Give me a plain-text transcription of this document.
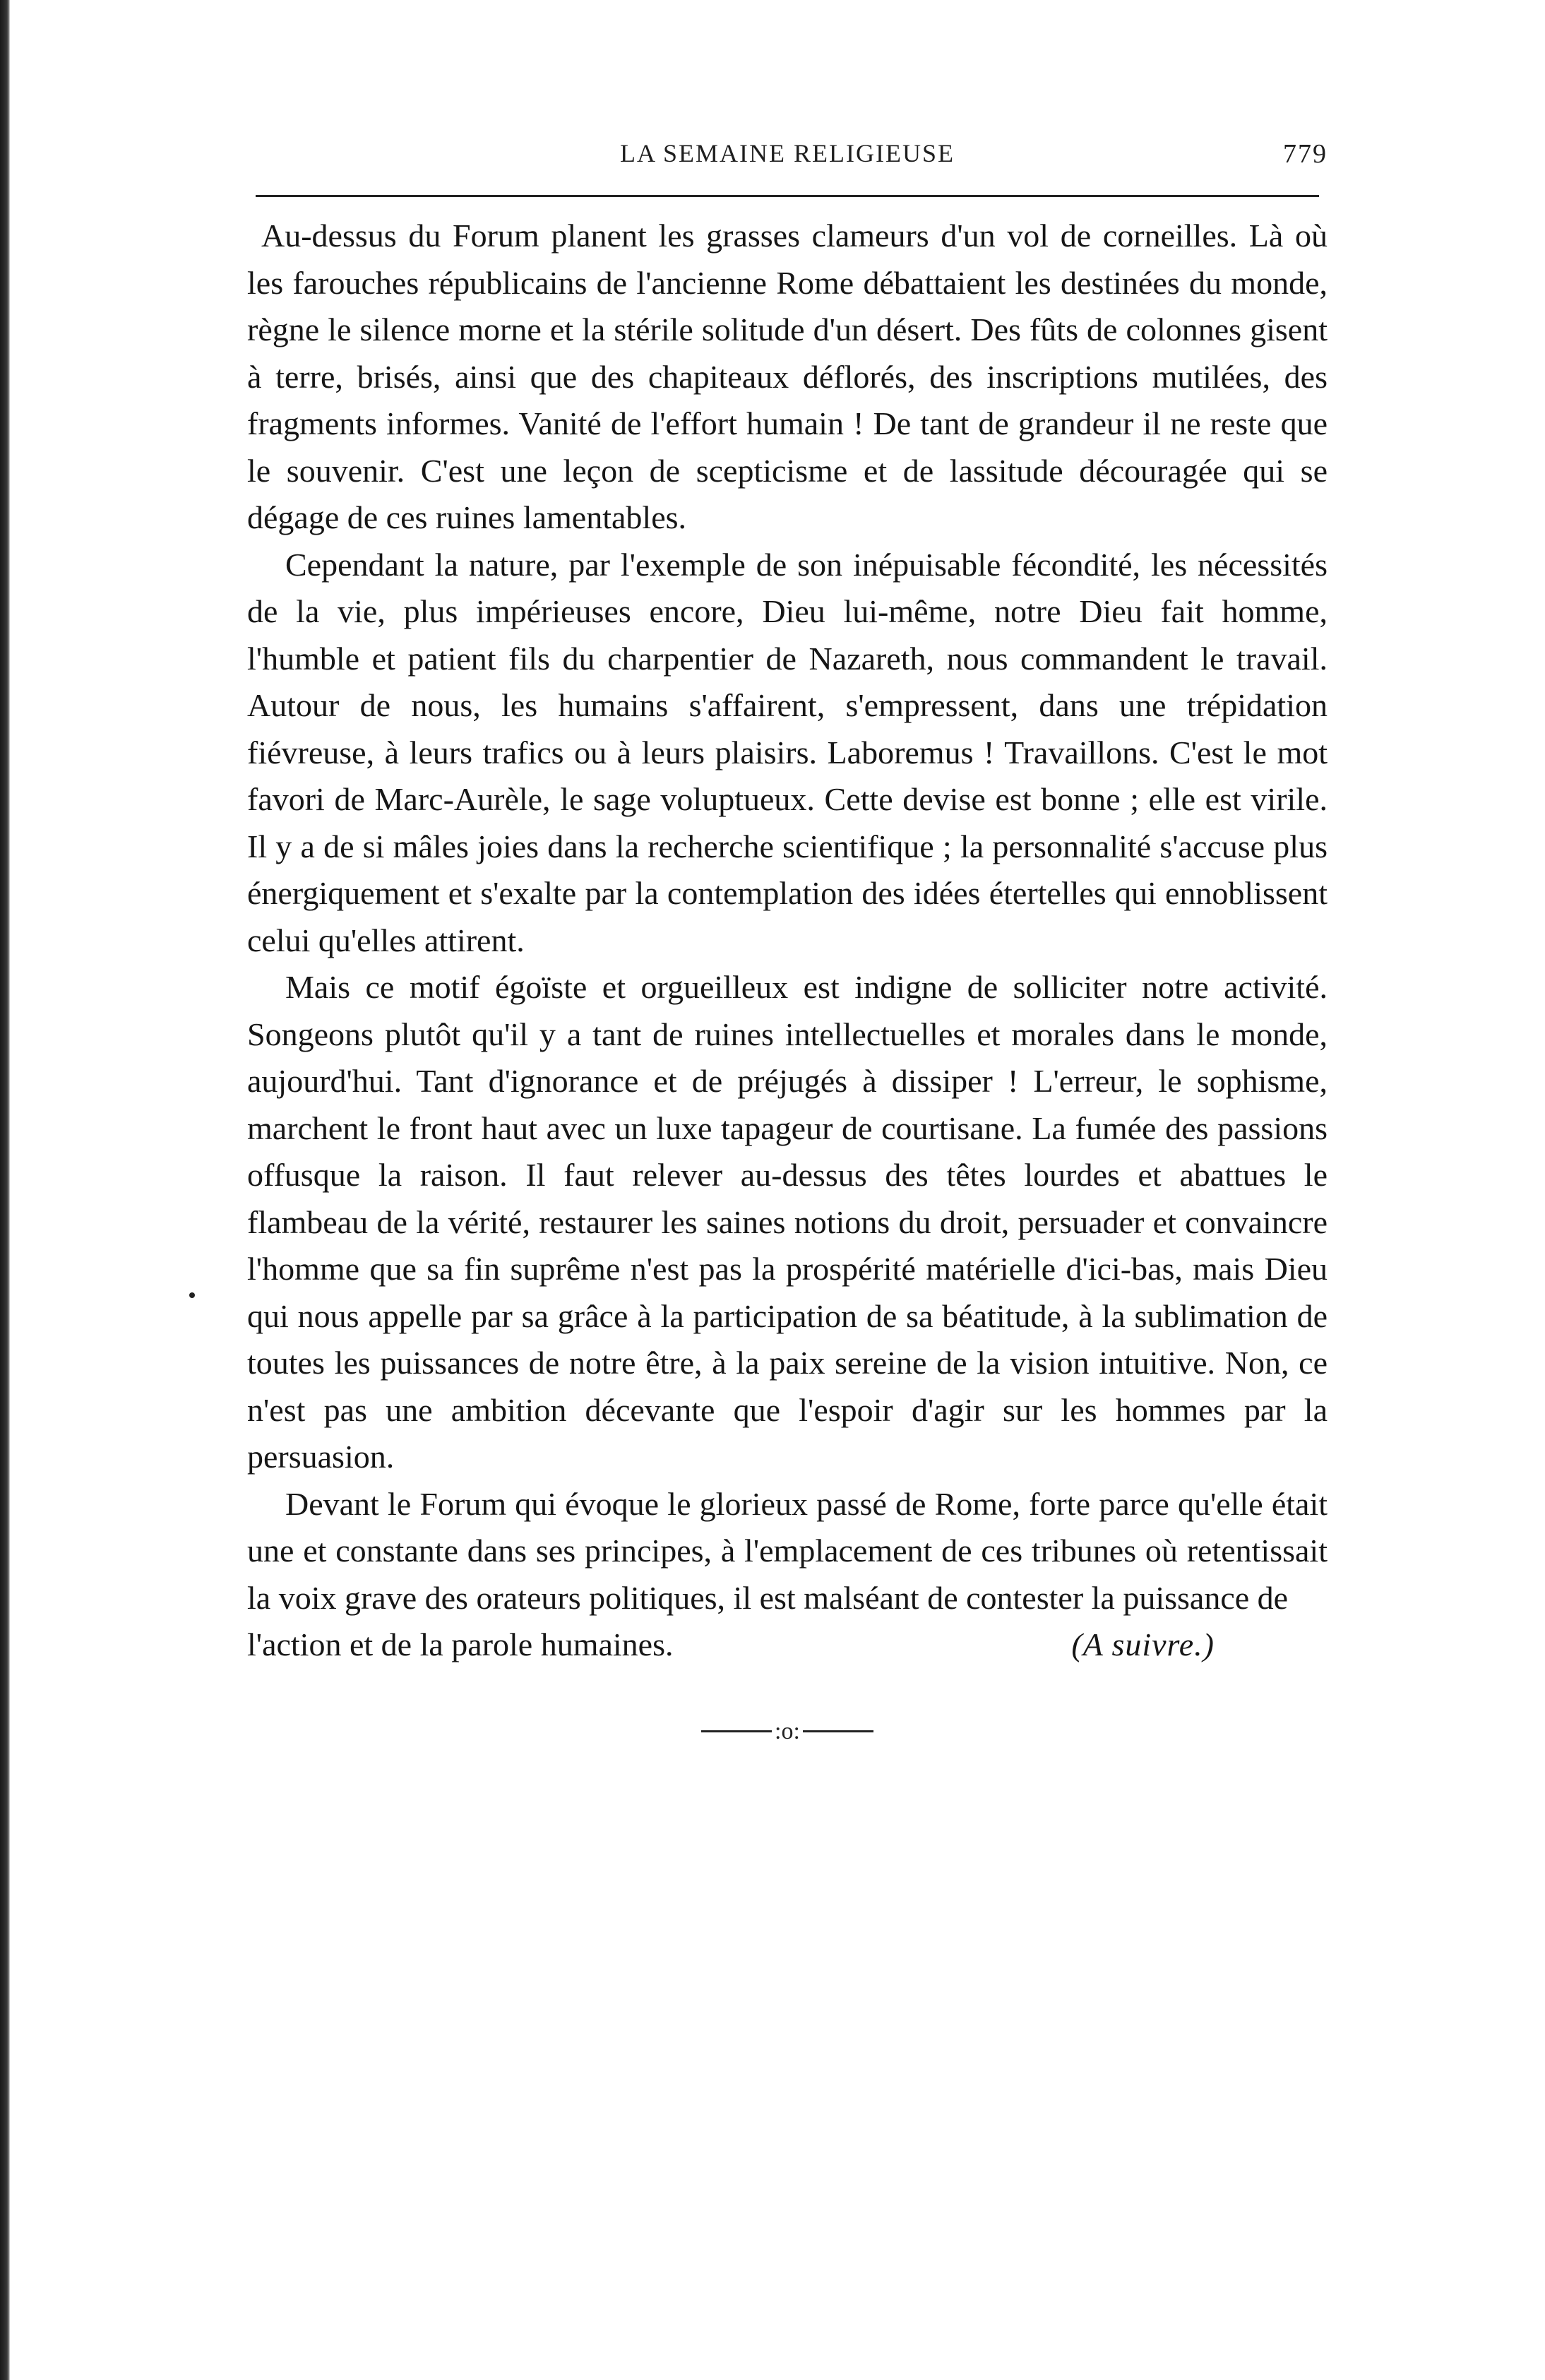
LA SEMAINE RELIGIEUSE	779

Au-dessus du Forum planent les grasses clameurs d'un vol de corneilles. Là où les farouches républicains de l'ancienne Rome débattaient les destinées du monde, règne le silence morne et la stérile solitude d'un désert. Des fûts de colonnes gisent à terre, brisés, ainsi que des chapiteaux déflorés, des inscriptions mutilées, des fragments informes. Vanité de l'effort humain ! De tant de grandeur il ne reste que le souvenir. C'est une leçon de scepticisme et de lassitude découragée qui se dégage de ces ruines lamentables.

Cependant la nature, par l'exemple de son inépuisable fécondité, les nécessités de la vie, plus impérieuses encore, Dieu lui-même, notre Dieu fait homme, l'humble et patient fils du charpentier de Nazareth, nous commandent le travail. Autour de nous, les humains s'affairent, s'empressent, dans une trépidation fiévreuse, à leurs trafics ou à leurs plaisirs. Laboremus ! Travaillons. C'est le mot favori de Marc-Aurèle, le sage voluptueux. Cette devise est bonne ; elle est virile. Il y a de si mâles joies dans la recherche scientifique ; la personnalité s'accuse plus énergiquement et s'exalte par la contemplation des idées étertelles qui ennoblissent celui qu'elles attirent.

Mais ce motif égoïste et orgueilleux est indigne de solliciter notre activité. Songeons plutôt qu'il y a tant de ruines intellectuelles et morales dans le monde, aujourd'hui. Tant d'ignorance et de préjugés à dissiper ! L'erreur, le sophisme, marchent le front haut avec un luxe tapageur de courtisane. La fumée des passions offusque la raison. Il faut relever au-dessus des têtes lourdes et abattues le flambeau de la vérité, restaurer les saines notions du droit, persuader et convaincre l'homme que sa fin suprême n'est pas la prospérité matérielle d'ici-bas, mais Dieu qui nous appelle par sa grâce à la participation de sa béatitude, à la sublimation de toutes les puissances de notre être, à la paix sereine de la vision intuitive. Non, ce n'est pas une ambition décevante que l'espoir d'agir sur les hommes par la persuasion.

Devant le Forum qui évoque le glorieux passé de Rome, forte parce qu'elle était une et constante dans ses principes, à l'emplacement de ces tribunes où retentissait la voix grave des orateurs politiques, il est malséant de contester la puissance de

l'action et de la parole humaines.	(A suivre.)
:o:
